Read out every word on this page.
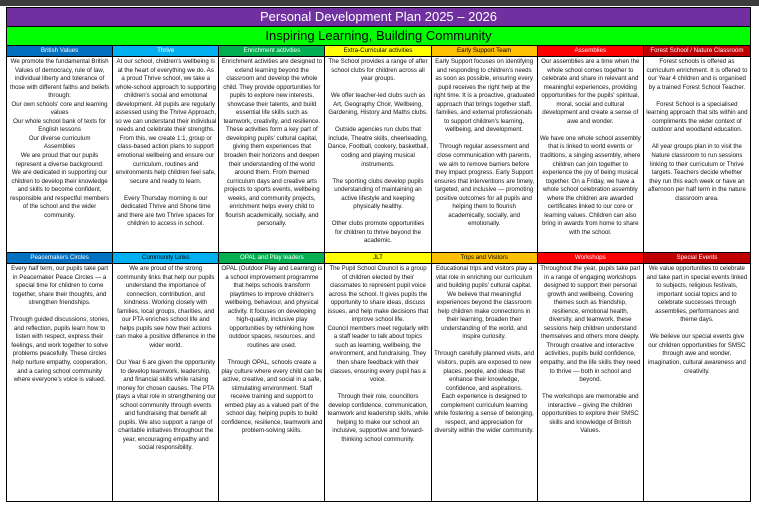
Personal Development Plan 2025 – 2026
Inspiring Learning, Building Community
British Values
We promote the fundamental British Values of democracy, rule of law, individual liberty and tolerance of those with different faiths and beliefs through:
Our own schools' core and learning values
Our whole school bank of texts for English lessons
Our diverse curriculum
Assemblies
We are proud that our pupils represent a diverse background.
We are dedicated in supporting our children to develop their knowledge and skills to become confident, responsible and respectful members of the school and the wider community.
Thrive
At our school, children's wellbeing is at the heart of everything we do. As a proud Thrive school, we take a whole-school approach to supporting children's social and emotional development. All pupils are regularly assessed using the Thrive Approach, so we can understand their individual needs and celebrate their strengths. From this, we create 1:1, group or class-based action plans to support emotional wellbeing and ensure our curriculum, routines and environments help children feel safe, secure and ready to learn.

Every Thursday morning is our dedicated Thrive and Shone time and there are two Thrive spaces for children to access in school.
Enrichment activities
Enrichment activities are designed to extend learning beyond the classroom and develop the whole child. They provide opportunities for pupils to explore new interests, showcase their talents, and build essential life skills such as teamwork, creativity, and resilience.
These activities form a key part of developing pupils' cultural capital, giving them experiences that broaden their horizons and deepen their understanding of the world around them. From themed curriculum days and creative arts projects to sports events, wellbeing weeks, and community projects, enrichment helps every child to flourish academically, socially, and personally.
Extra-Curricular activities
The School provides a range of after school clubs for children across all year groups.

We offer teacher-led clubs such as Art, Geography Choir, Wellbeing, Gardening, History and Maths clubs.

Outside agencies run clubs that include, Theatre skills, cheerleading, Dance, Football, cookery, basketball, coding and playing musical instruments.

The sporting clubs develop pupils understanding of maintaining an active lifestyle and keeping physically healthy.

Other clubs promote opportunities for children to thrive beyond the academic.
Early Support Team
Early Support focuses on identifying and responding to children's needs as soon as possible, ensuring every pupil receives the right help at the right time. It is a proactive, graduated approach that brings together staff, families, and external professionals to support children's learning, wellbeing, and development.

Through regular assessment and close communication with parents, we aim to remove barriers before they impact progress. Early Support ensures that interventions are timely, targeted, and inclusive — promoting positive outcomes for all pupils and helping them to flourish academically, socially, and emotionally.
Assemblies
Our assemblies are a time when the whole school comes together to celebrate and share in relevant and meaningful experiences, providing opportunities for the pupils' spiritual, moral, social and cultural development and create a sense of awe and wonder.

We have one whole school assembly that is linked to world events or traditions, a singing assembly, where children can join together to experience the joy of being musical together. On a Friday, we have a whole school celebration assembly where the children are awarded certificates linked to our core or learning values. Children can also bring in awards from home to share with the school.
Forest School / Nature Classroom
Forest schools is offered as curriculum enrichment. It is offered to our Year 4 children and is organised by a trained Forest School Teacher.

Forest School is a specialised learning approach that sits within and compliments the wider context of outdoor and woodland education.

All year groups plan in to visit the Nature classroom to run sessions linking to their curriculum or Thrive targets. Teachers decide whether they run this each week or have an afternoon per half term in the nature classroom area.
Peacemakers Circles
Every half term, our pupils take part in Peacemaker Peace Circles — a special time for children to come together, share their thoughts, and strengthen friendships.

Through guided discussions, stories, and reflection, pupils learn how to listen with respect, express their feelings, and work together to solve problems peacefully. These circles help nurture empathy, cooperation, and a caring school community where everyone's voice is valued.
Community Links
We are proud of the strong community links that help our pupils understand the importance of connection, contribution, and kindness. Working closely with families, local groups, charities, and our PTA enriches school life and helps pupils see how their actions can make a positive difference in the wider world.

Our Year 6 are given the opportunity to develop teamwork, leadership, and financial skills while raising money for chosen causes. The PTA plays a vital role in strengthening our school community through events and fundraising that benefit all pupils. We also support a range of charitable initiatives throughout the year, encouraging empathy and social responsibility.
OPAL and Play leaders
OPAL (Outdoor Play and Learning) is a school improvement programme that helps schools transform playtimes to improve children's wellbeing, behaviour, and physical activity. It focuses on developing high-quality, inclusive play opportunities by rethinking how outdoor spaces, resources, and routines are used.

Through OPAL, schools create a play culture where every child can be active, creative, and social in a safe, stimulating environment. Staff receive training and support to embed play as a valued part of the school day, helping pupils to build confidence, resilience, teamwork and problem-solving skills.
JLT
The Pupil School Council is a group of children elected by their classmates to represent pupil voice across the school. It gives pupils the opportunity to share ideas, discuss issues, and help make decisions that improve school life.
Council members meet regularly with a staff leader to talk about topics such as learning, wellbeing, the environment, and fundraising. They then share feedback with their classes, ensuring every pupil has a voice.

Through their role, councillors develop confidence, communication, teamwork and leadership skills, while helping to make our school an inclusive, supportive and forward-thinking school community.
Trips and Visitors
Educational trips and visitors play a vital role in enriching our curriculum and building pupils' cultural capital. We believe that meaningful experiences beyond the classroom help children make connections in their learning, broaden their understanding of the world, and inspire curiosity.

Through carefully planned visits, and visitors, pupils are exposed to new places, people, and ideas that enhance their knowledge, confidence, and aspirations.
Each experience is designed to complement curriculum learning while fostering a sense of belonging, respect, and appreciation for diversity within the wider community.
Workshops
Throughout the year, pupils take part in a range of engaging workshops designed to support their personal growth and wellbeing. Covering themes such as friendship, resilience, emotional health, diversity, and teamwork, these sessions help children understand themselves and others more deeply.
Through creative and interactive activities, pupils build confidence, empathy, and the life skills they need to thrive — both in school and beyond.

The workshops are memorable and interactive – giving the children opportunities to explore their SMSC skills and knowledge of British Values.
Special Events
We value opportunities to celebrate and take part in special events linked to subjects, religious festivals, important social topics and to celebrate successes through assemblies, performances and theme days.

We believe our special events give our children opportunities for SMSC through awe and wonder, imagination, cultural awareness and creativity.
